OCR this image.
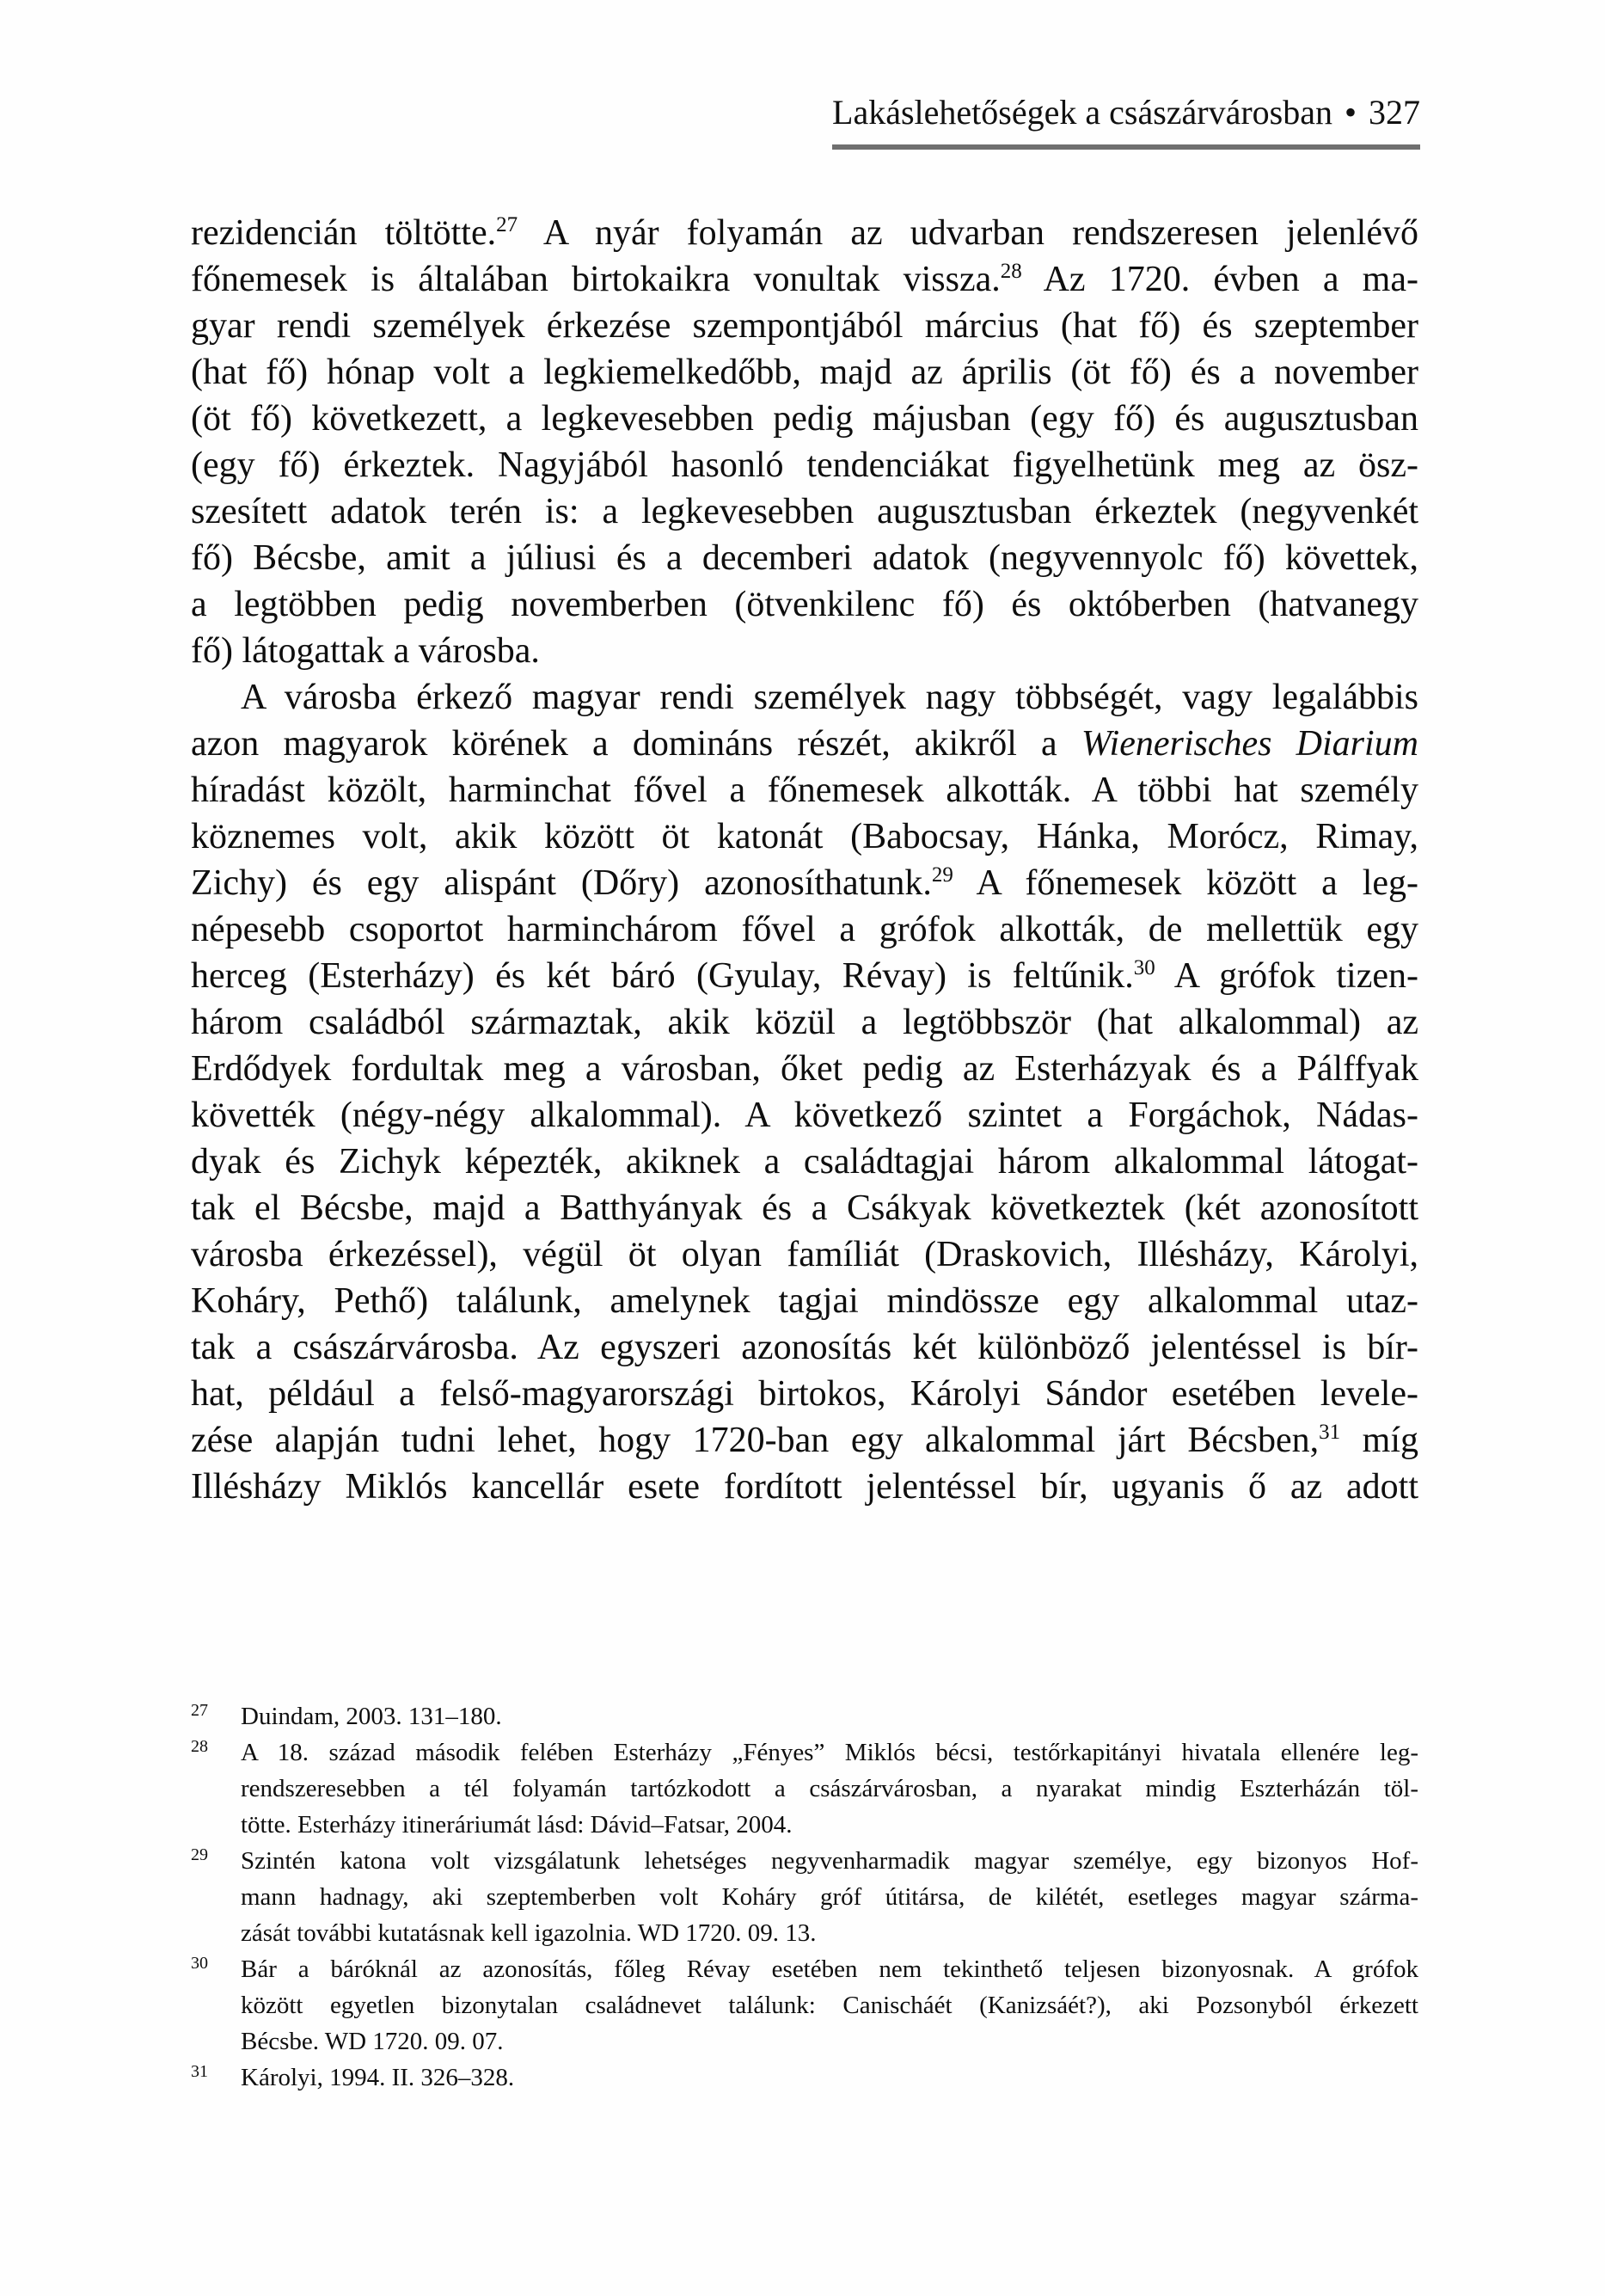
Lakáslehetőségek a császárvárosban • 327
rezidencián töltötte.$^{27}$ A nyár folyamán az udvarban rendszeresen jelenlévő
főnemesek is általában birtokaikra vonultak vissza.$^{28}$ Az 1720. évben a ma-
gyar rendi személyek érkezése szempontjából március (hat fő) és szeptember
(hat fő) hónap volt a legkiemelkedőbb, majd az április (öt fő) és a november
(öt fő) következett, a legkevesebben pedig májusban (egy fő) és augusztusban
(egy fő) érkeztek. Nagyjából hasonló tendenciákat figyelhetünk meg az ösz-
szesített adatok terén is: a legkevesebben augusztusban érkeztek (negyvenkét
fő) Bécsbe, amit a júliusi és a decemberi adatok (negyvennyolc fő) követtek,
a legtöbben pedig novemberben (ötvenkilenc fő) és októberben (hatvanegy
fő) látogattak a városba.
A városba érkező magyar rendi személyek nagy többségét, vagy legalábbis
azon magyarok körének a domináns részét, akikről a Wienerisches Diarium
híradást közölt, harminchat fővel a főnemesek alkották. A többi hat személy
köznemes volt, akik között öt katonát (Babocsay, Hánka, Morócz, Rimay,
Zichy) és egy alispánt (Dőry) azonosíthatunk.$^{29}$ A főnemesek között a leg-
népesebb csoportot harminchárom fővel a grófok alkották, de mellettük egy
herceg (Esterházy) és két báró (Gyulay, Révay) is feltűnik.$^{30}$ A grófok tizen-
három családból származtak, akik közül a legtöbbször (hat alkalommal) az
Erdődyek fordultak meg a városban, őket pedig az Esterházyak és a Pálffyak
követték (négy-négy alkalommal). A következő szintet a Forgáchok, Nádas-
dyak és Zichyk képezték, akiknek a családtagjai három alkalommal látogat-
tak el Bécsbe, majd a Batthyányak és a Csákyak következtek (két azonosított
városba érkezéssel), végül öt olyan famíliát (Draskovich, Illésházy, Károlyi,
Koháry, Pethő) találunk, amelynek tagjai mindössze egy alkalommal utaz-
tak a császárvárosba. Az egyszeri azonosítás két különböző jelentéssel is bír-
hat, például a felső-magyarországi birtokos, Károlyi Sándor esetében levele-
zése alapján tudni lehet, hogy 1720-ban egy alkalommal járt Bécsben,$^{31}$ míg
Illésházy Miklós kancellár esete fordított jelentéssel bír, ugyanis ő az adott
27	Duindam, 2003. 131–180.
28	A 18. század második felében Esterházy „Fényes” Miklós bécsi, testőrkapitányi hivatala ellenére leg-
rendszeresebben a tél folyamán tartózkodott a császárvárosban, a nyarakat mindig Eszterházán töl-
tötte. Esterházy itineráriumát lásd: Dávid–Fatsar, 2004.
29	Szintén katona volt vizsgálatunk lehetséges negyvenharmadik magyar személye, egy bizonyos Hof-
mann hadnagy, aki szeptemberben volt Koháry gróf útitársa, de kilétét, esetleges magyar szárma-
zását további kutatásnak kell igazolnia. WD 1720. 09. 13.
30	Bár a báróknál az azonosítás, főleg Révay esetében nem tekinthető teljesen bizonyosnak. A grófok
között egyetlen bizonytalan családnevet találunk: Canischáét (Kanizsáét?), aki Pozsonyból érkezett
Bécsbe. WD 1720. 09. 07.
31	Károlyi, 1994. II. 326–328.
